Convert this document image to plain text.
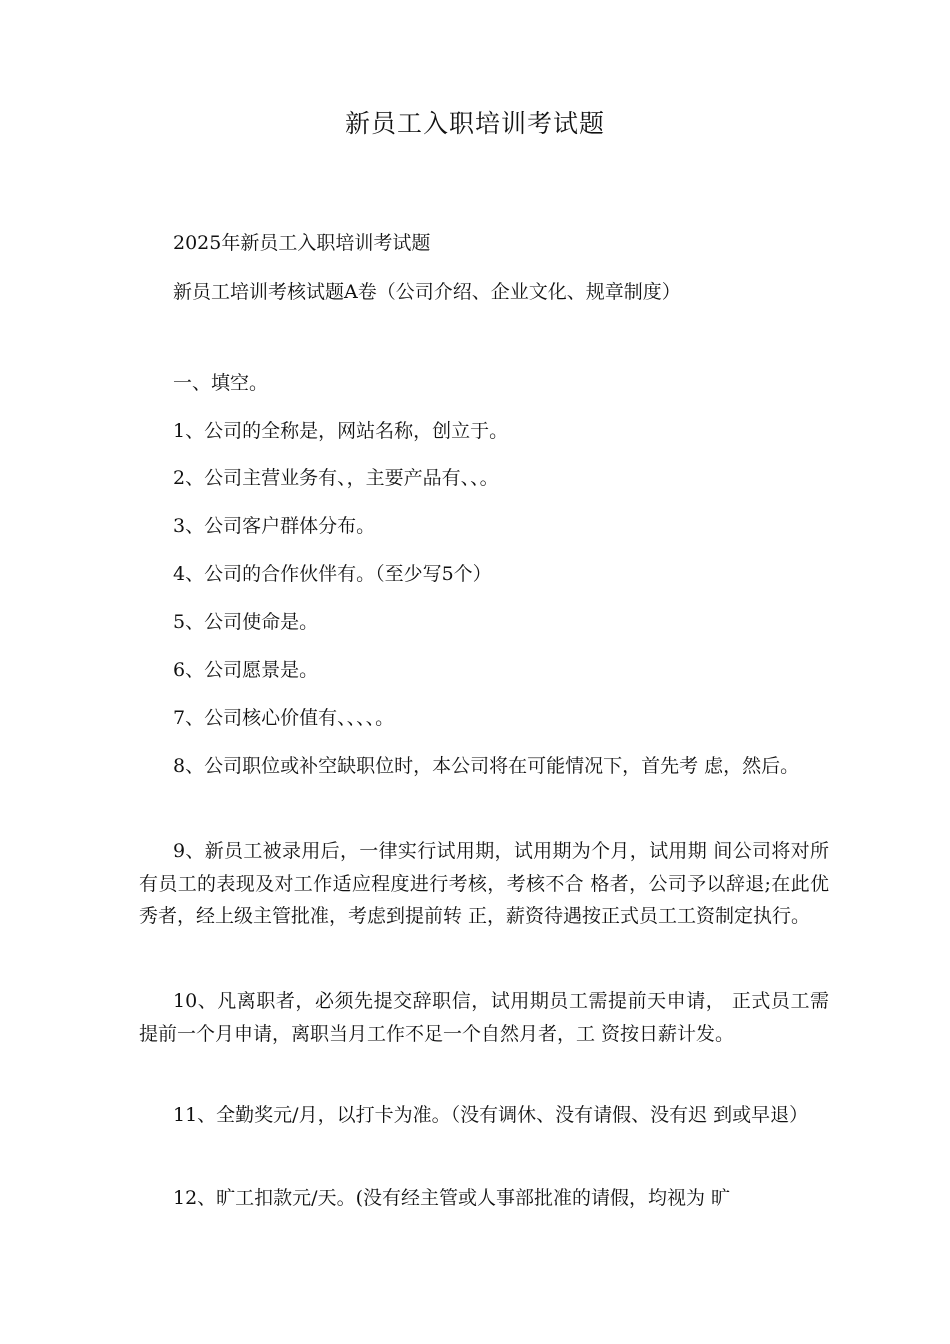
新员工入职培训考试题
2025年新员工入职培训考试题
新员工培训考核试题A卷（公司介绍、企业文化、规章制度）
一、填空。
1、公司的全称是，网站名称，创立于。
2、公司主营业务有、，主要产品有、、。
3、公司客户群体分布。
4、公司的合作伙伴有。（至少写5个）
5、公司使命是。
6、公司愿景是。
7、公司核心价值有、、、、。
8、公司职位或补空缺职位时，本公司将在可能情况下，首先考 虑，然后。
9、新员工被录用后，一律实行试用期，试用期为个月，试用期 间公司将对所有员工的表现及对工作适应程度进行考核，考核不合 格者，公司予以辞退;在此优秀者，经上级主管批准，考虑到提前转 正，薪资待遇按正式员工工资制定执行。
10、凡离职者，必须先提交辞职信，试用期员工需提前天申请， 正式员工需提前一个月申请，离职当月工作不足一个自然月者，工 资按日薪计发。
11、全勤奖元/月，以打卡为准。（没有调休、没有请假、没有迟 到或早退）
12、旷工扣款元/天。(没有经主管或人事部批准的请假，均视为 旷
